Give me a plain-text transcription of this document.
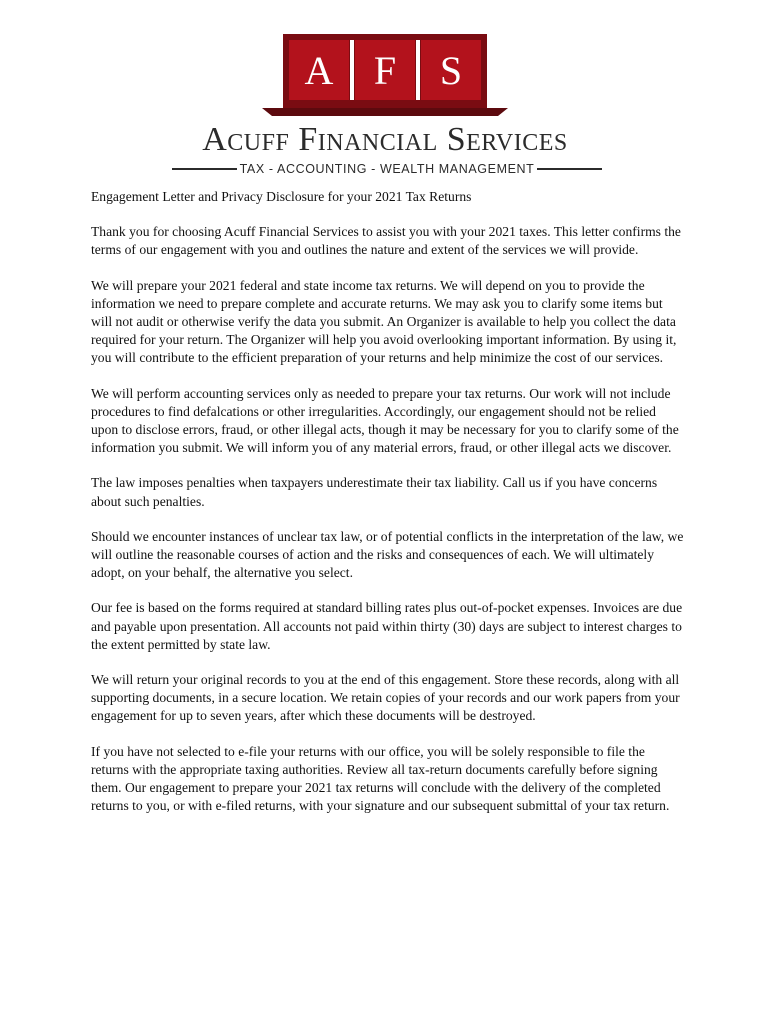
A F S
Acuff Financial Services
TAX - ACCOUNTING - WEALTH MANAGEMENT

Engagement Letter and Privacy Disclosure for your 2021 Tax Returns

Thank you for choosing Acuff Financial Services to assist you with your 2021 taxes. This letter confirms the terms of our engagement with you and outlines the nature and extent of the services we will provide.

We will prepare your 2021 federal and state income tax returns. We will depend on you to provide the information we need to prepare complete and accurate returns. We may ask you to clarify some items but will not audit or otherwise verify the data you submit. An Organizer is available to help you collect the data required for your return. The Organizer will help you avoid overlooking important information. By using it, you will contribute to the efficient preparation of your returns and help minimize the cost of our services.

We will perform accounting services only as needed to prepare your tax returns. Our work will not include procedures to find defalcations or other irregularities. Accordingly, our engagement should not be relied upon to disclose errors, fraud, or other illegal acts, though it may be necessary for you to clarify some of the information you submit. We will inform you of any material errors, fraud, or other illegal acts we discover.

The law imposes penalties when taxpayers underestimate their tax liability. Call us if you have concerns about such penalties.

Should we encounter instances of unclear tax law, or of potential conflicts in the interpretation of the law, we will outline the reasonable courses of action and the risks and consequences of each. We will ultimately adopt, on your behalf, the alternative you select.

Our fee is based on the forms required at standard billing rates plus out-of-pocket expenses. Invoices are due and payable upon presentation. All accounts not paid within thirty (30) days are subject to interest charges to the extent permitted by state law.

We will return your original records to you at the end of this engagement. Store these records, along with all supporting documents, in a secure location. We retain copies of your records and our work papers from your engagement for up to seven years, after which these documents will be destroyed.

If you have not selected to e-file your returns with our office, you will be solely responsible to file the returns with the appropriate taxing authorities. Review all tax-return documents carefully before signing them. Our engagement to prepare your 2021 tax returns will conclude with the delivery of the completed returns to you, or with e-filed returns, with your signature and our subsequent submittal of your tax return.
